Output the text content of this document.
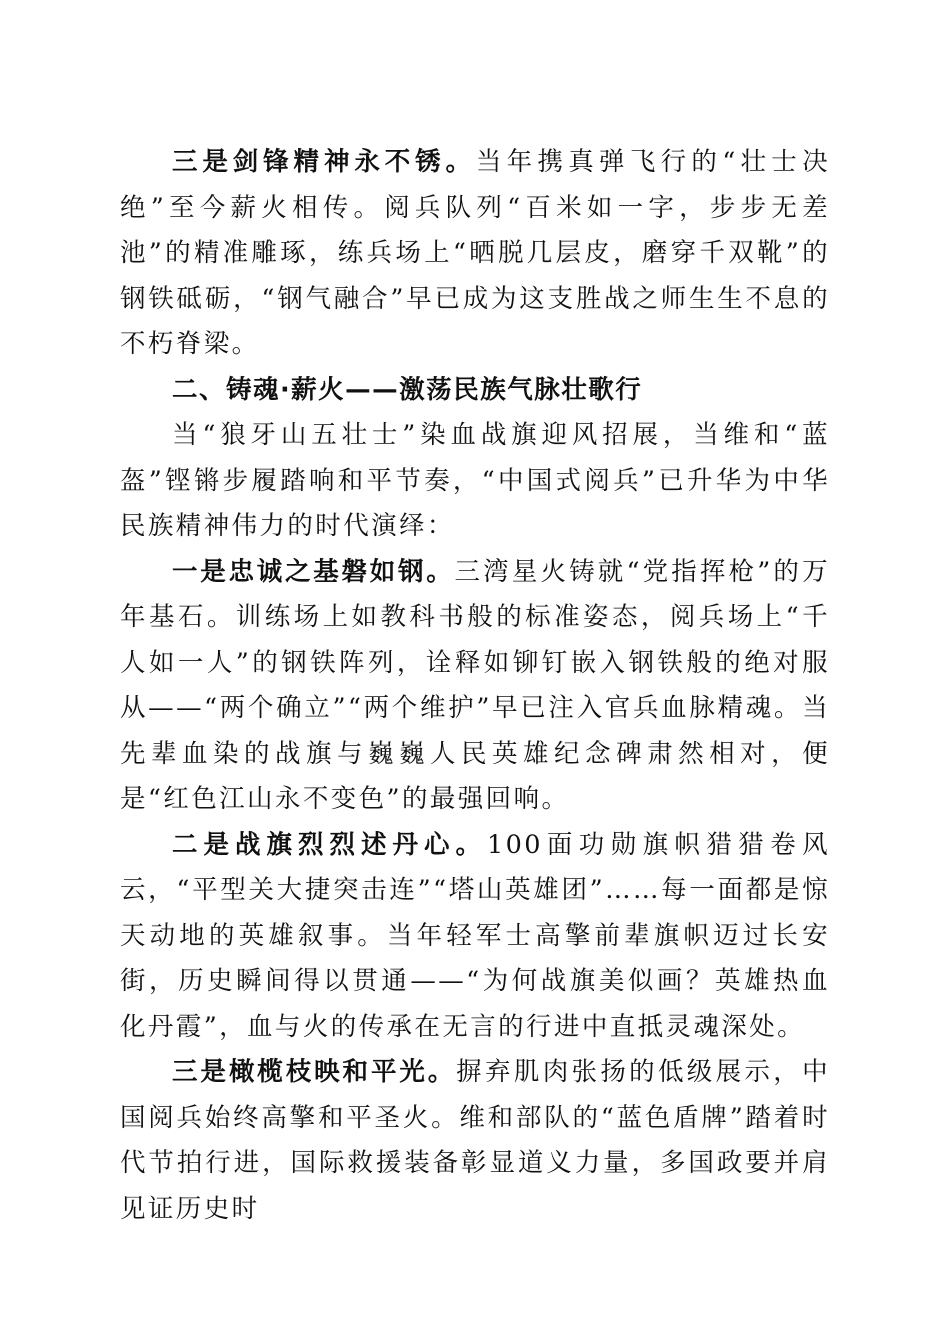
三是剑锋精神永不锈。当年携真弹飞行的“壮士决绝”至今薪火相传。阅兵队列“百米如一字，步步无差池”的精准雕琢，练兵场上“晒脱几层皮，磨穿千双靴”的钢铁砥砺，“钢气融合”早已成为这支胜战之师生生不息的不朽脊梁。

二、铸魂·薪火——激荡民族气脉壮歌行

当“狼牙山五壮士”染血战旗迎风招展，当维和“蓝盔”铿锵步履踏响和平节奏，“中国式阅兵”已升华为中华民族精神伟力的时代演绎：

一是忠诚之基磐如钢。三湾星火铸就“党指挥枪”的万年基石。训练场上如教科书般的标准姿态，阅兵场上“千人如一人”的钢铁阵列，诠释如铆钉嵌入钢铁般的绝对服从——“两个确立”“两个维护”早已注入官兵血脉精魂。当先辈血染的战旗与巍巍人民英雄纪念碑肃然相对，便是“红色江山永不变色”的最强回响。

二是战旗烈烈述丹心。100面功勋旗帜猎猎卷风云，“平型关大捷突击连”“塔山英雄团”……每一面都是惊天动地的英雄叙事。当年轻军士高擎前辈旗帜迈过长安街，历史瞬间得以贯通——“为何战旗美似画？英雄热血化丹霞”，血与火的传承在无言的行进中直抵灵魂深处。

三是橄榄枝映和平光。摒弃肌肉张扬的低级展示，中国阅兵始终高擎和平圣火。维和部队的“蓝色盾牌”踏着时代节拍行进，国际救援装备彰显道义力量，多国政要并肩见证历史时
